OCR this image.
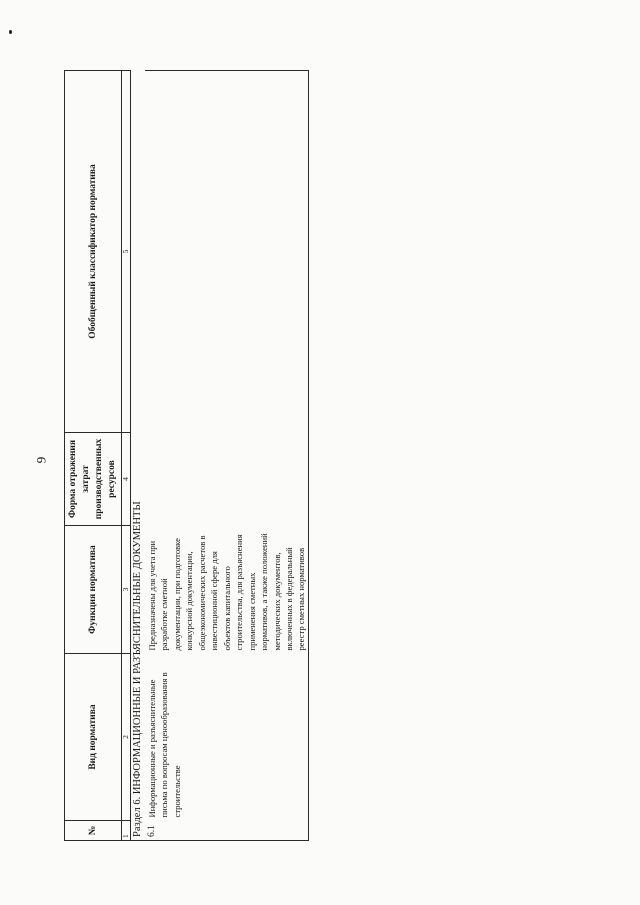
9
№	Вид норматива	Функция норматива	Форма отражения затрат производственных ресурсов	Обобщенный классификатор норматива
1	2	3	4	5
Раздел 6. ИНФОРМАЦИОННЫЕ И РАЗЪЯСНИТЕЛЬНЫЕ ДОКУМЕНТЫ				
6.1	Информационные и разъяснительные письма по вопросам ценообразования в строительстве	Предназначены для учета при разработке сметной документации, при подготовке конкурсной документации, общеэкономических расчетов в инвестиционной сфере для объектов капитального строительства, для разъяснения применения сметных нормативов, а также положений методических документов, включенных в федеральный реестр сметных нормативов		
